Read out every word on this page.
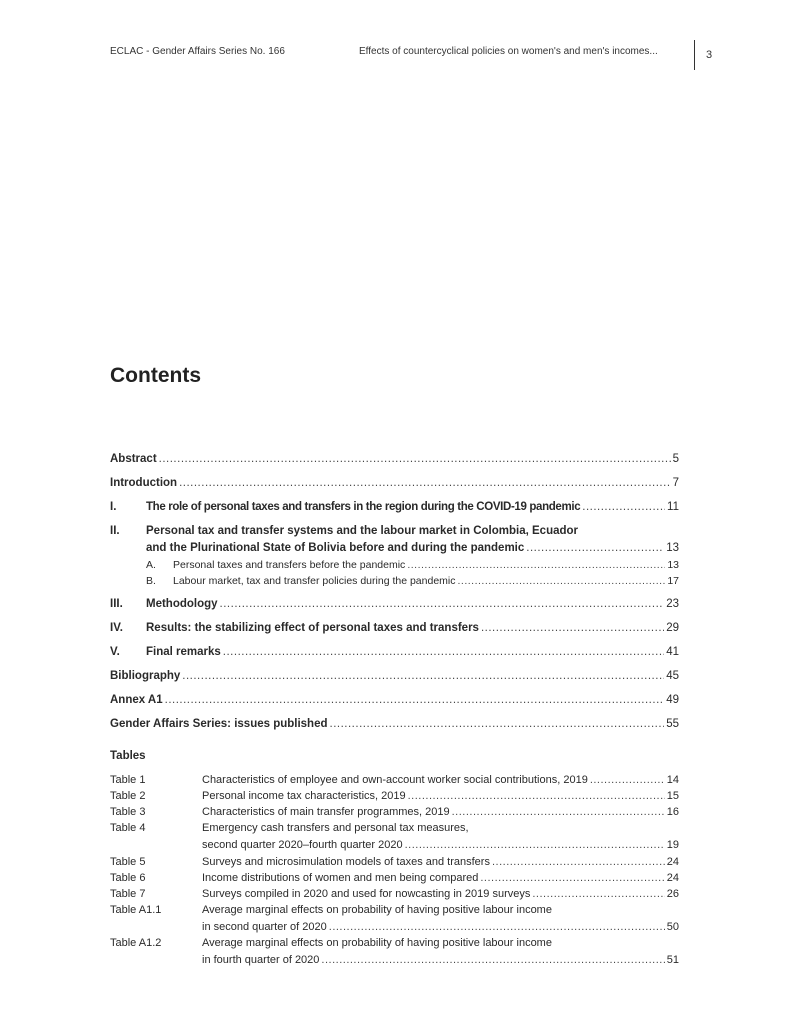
ECLAC - Gender Affairs Series No. 166	Effects of countercyclical policies on women's and men's incomes...	3
Contents
Abstract .....	5
Introduction .....	7
I.	The role of personal taxes and transfers in the region during the COVID-19 pandemic .....	11
II. Personal tax and transfer systems and the labour market in Colombia, Ecuador
and the Plurinational State of Bolivia before and during the pandemic .....	13
A.	Personal taxes and transfers before the pandemic .....	13
B.	Labour market, tax and transfer policies during the pandemic .....	17
III.	Methodology .....	23
IV.	Results: the stabilizing effect of personal taxes and transfers .....	29
V.	Final remarks .....	41
Bibliography .....	45
Annex A1 .....	49
Gender Affairs Series: issues published .....	55
Tables
Table 1	Characteristics of employee and own-account worker social contributions, 2019 .....	14
Table 2	Personal income tax characteristics, 2019 .....	15
Table 3	Characteristics of main transfer programmes, 2019 .....	16
Table 4	Emergency cash transfers and personal tax measures,
second quarter 2020–fourth quarter 2020 .....	19
Table 5	Surveys and microsimulation models of taxes and transfers .....	24
Table 6	Income distributions of women and men being compared .....	24
Table 7	Surveys compiled in 2020 and used for nowcasting in 2019 surveys .....	26
Table A1.1	Average marginal effects on probability of having positive labour income
in second quarter of 2020 .....	50
Table A1.2	Average marginal effects on probability of having positive labour income
in fourth quarter of 2020 .....	51
